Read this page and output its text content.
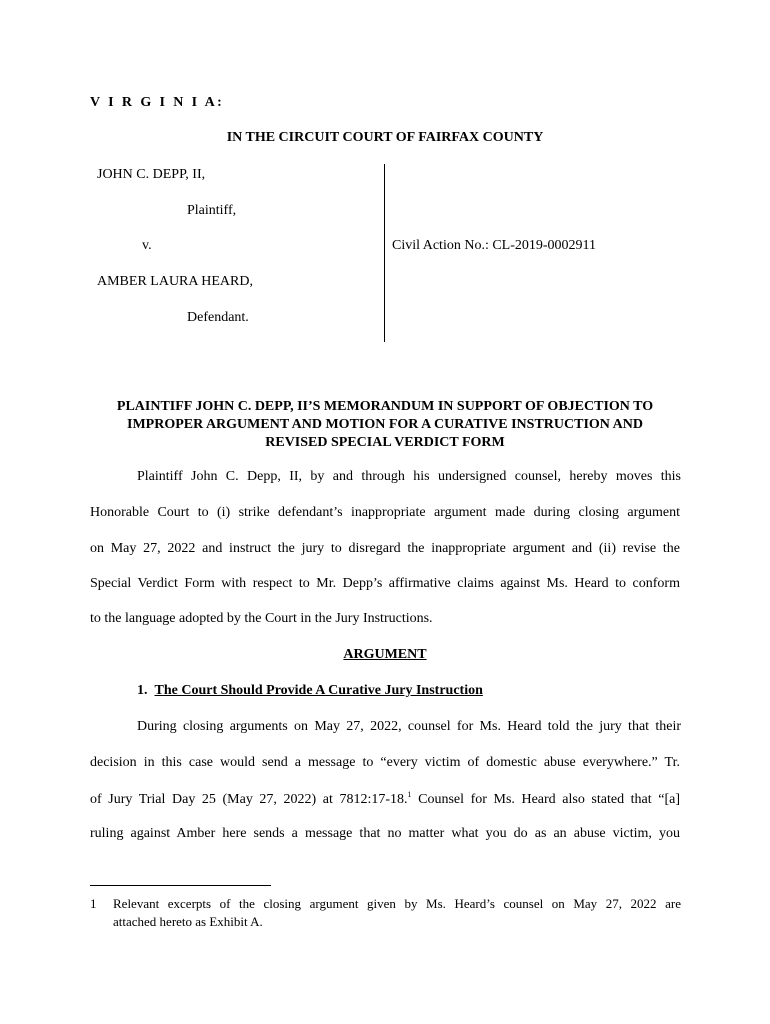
V I R G I N I A:
IN THE CIRCUIT COURT OF FAIRFAX COUNTY
JOHN C. DEPP, II,
Plaintiff,
v.
AMBER LAURA HEARD,
Defendant.
Civil Action No.: CL-2019-0002911
PLAINTIFF JOHN C. DEPP, II’S MEMORANDUM IN SUPPORT OF OBJECTION TO
IMPROPER ARGUMENT AND MOTION FOR A CURATIVE INSTRUCTION AND
REVISED SPECIAL VERDICT FORM
Plaintiff John C. Depp, II, by and through his undersigned counsel, hereby moves this
Honorable Court to (i) strike defendant’s inappropriate argument made during closing argument
on May 27, 2022 and instruct the jury to disregard the inappropriate argument and (ii) revise the
Special Verdict Form with respect to Mr. Depp’s affirmative claims against Ms. Heard to conform
to the language adopted by the Court in the Jury Instructions.
ARGUMENT
1. The Court Should Provide A Curative Jury Instruction
During closing arguments on May 27, 2022, counsel for Ms. Heard told the jury that their
decision in this case would send a message to “every victim of domestic abuse everywhere.” Tr.
of Jury Trial Day 25 (May 27, 2022) at 7812:17-18.$^1$ Counsel for Ms. Heard also stated that “[a]
ruling against Amber here sends a message that no matter what you do as an abuse victim, you
1 Relevant excerpts of the closing argument given by Ms. Heard’s counsel on May 27, 2022 are
attached hereto as Exhibit A.
